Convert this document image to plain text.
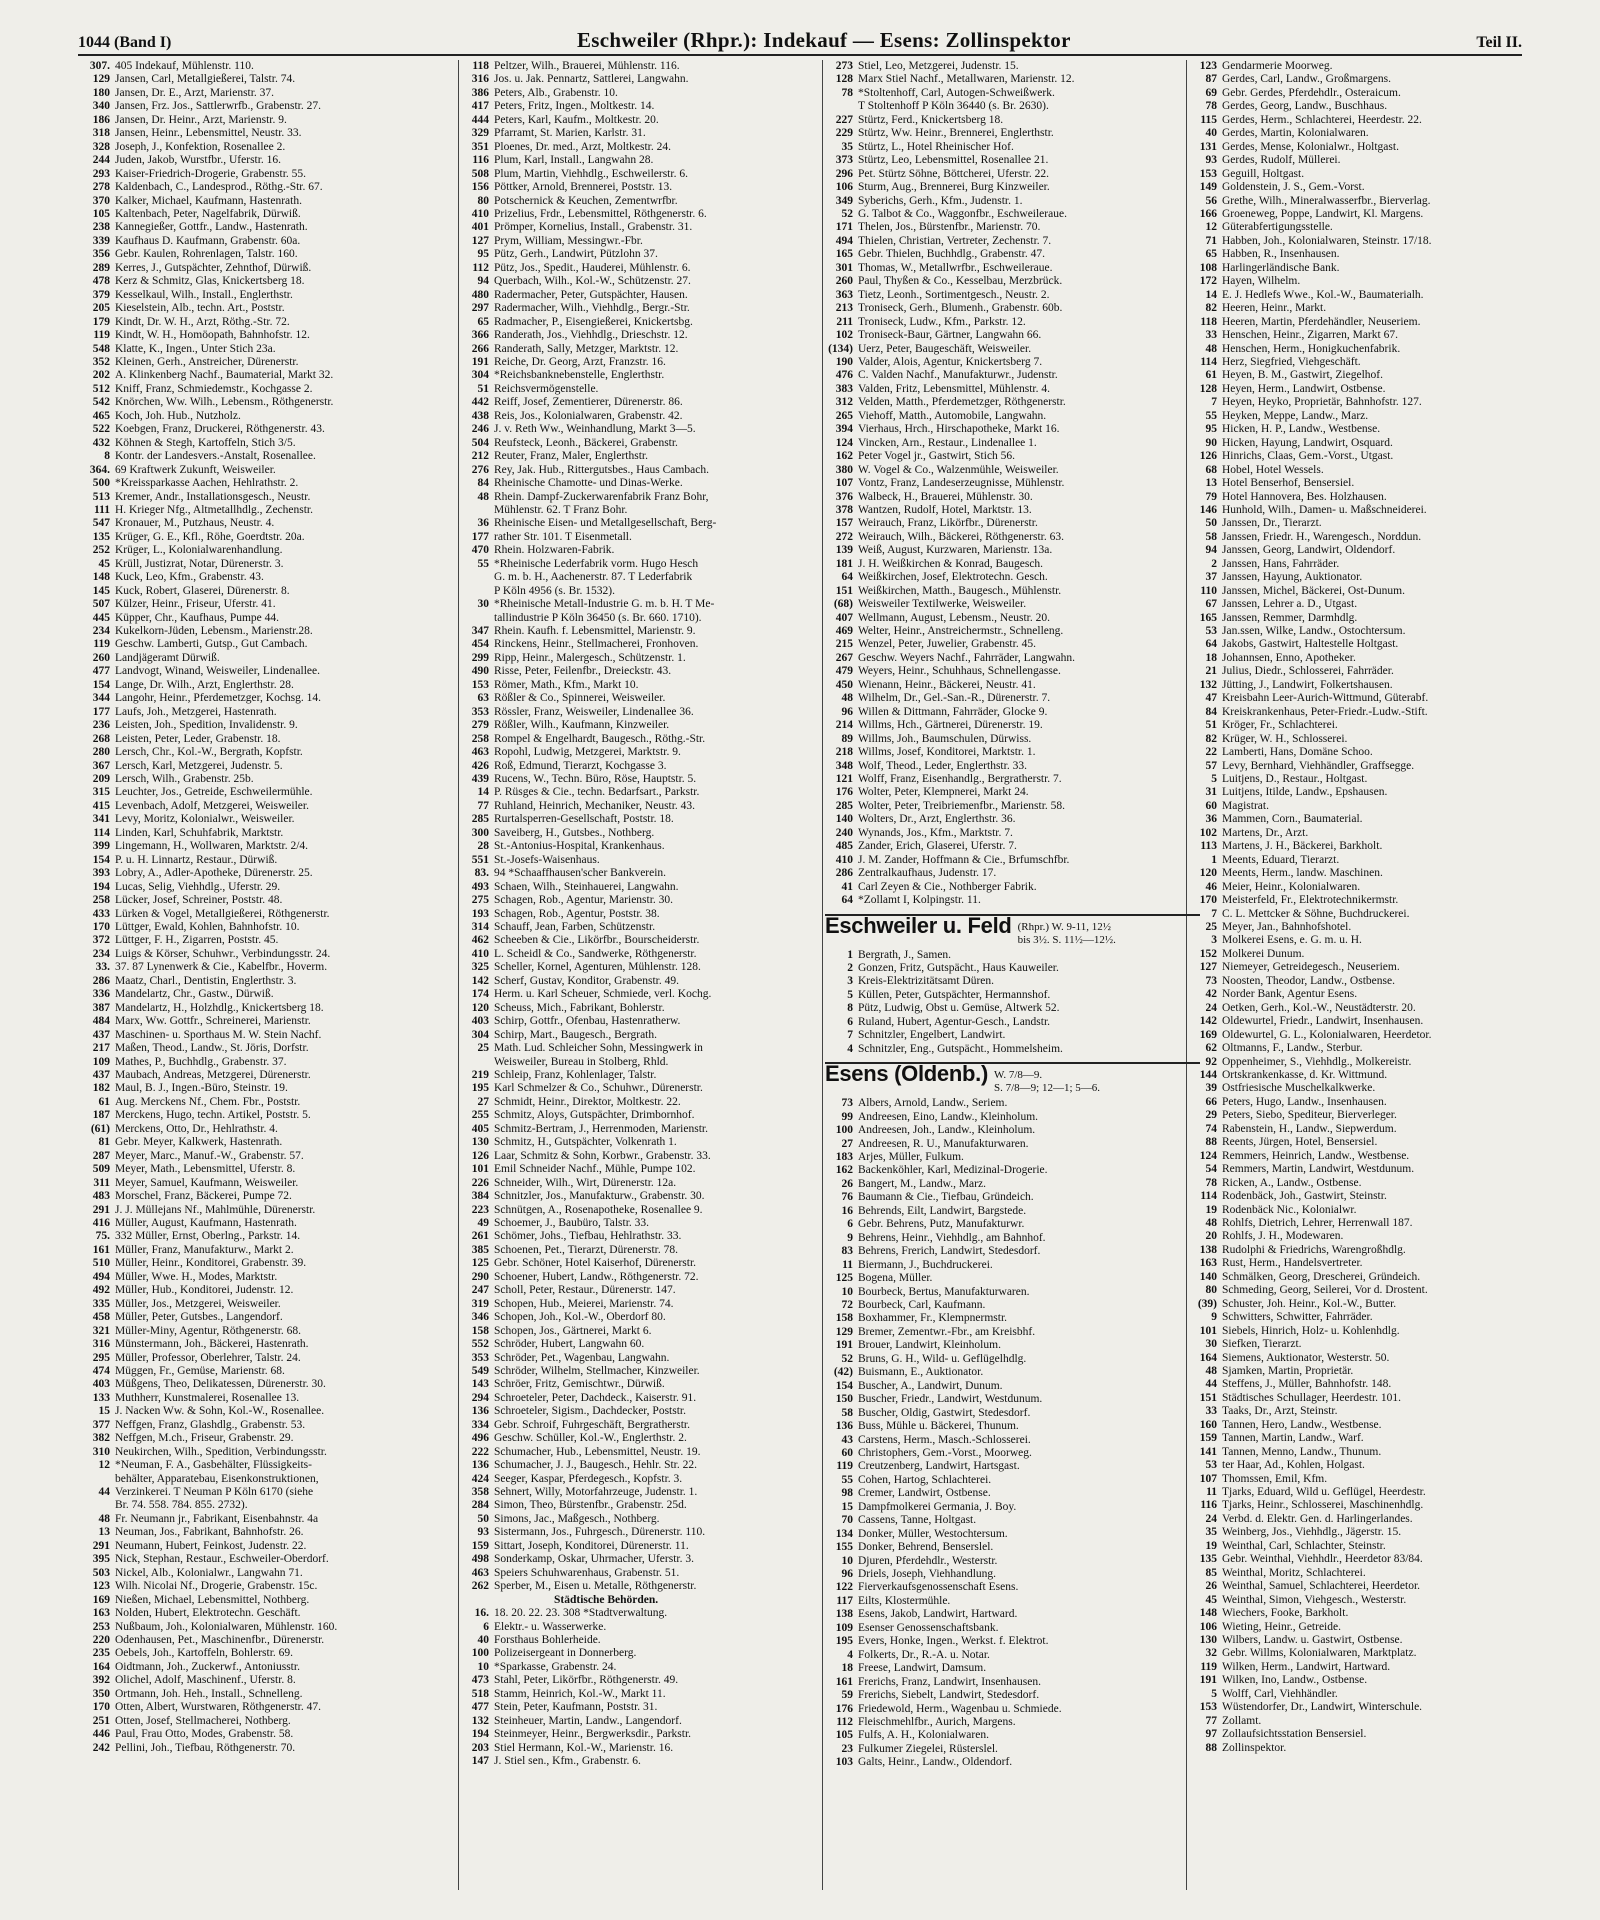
1044 (Band I)	Eschweiler (Rhpr.): Indekauf — Esens: Zollinspektor	Teil II.
307. 405 Indekauf, Mühlenstr. 110.
129 Jansen, Carl, Metallgießerei, Talstr. 74.
180 Jansen, Dr. E., Arzt, Marienstr. 37.
340 Jansen, Frz. Jos., Sattlerwrfb., Grabenstr. 27.
186 Jansen, Dr. Heinr., Arzt, Marienstr. 9.
318 Jansen, Heinr., Lebensmittel, Neustr. 33.
328 Joseph, J., Konfektion, Rosenallee 2.
244 Juden, Jakob, Wurstfbr., Uferstr. 16.
293 Kaiser-Friedrich-Drogerie, Grabenstr. 55.
278 Kaldenbach, C., Landesprod., Röthg.-Str. 67.
370 Kalker, Michael, Kaufmann, Hastenrath.
105 Kaltenbach, Peter, Nagelfabrik, Dürwiß.
238 Kannegießer, Gottfr., Landw., Hastenrath.
339 Kaufhaus D. Kaufmann, Grabenstr. 60a.
356 Gebr. Kaulen, Rohrenlagen, Talstr. 160.
289 Kerres, J., Gutspächter, Zehnthof, Dürwiß.
478 Kerz & Schmitz, Glas, Knickertsberg 18.
379 Kesselkaul, Wilh., Install., Englerthstr.
205 Kieselstein, Alb., techn. Art., Poststr.
179 Kindt, Dr. W. H., Arzt, Röthg.-Str. 72.
119 Kindt, W. H., Homöopath, Bahnhofstr. 12.
548 Klatte, K., Ingen., Unter Stich 23a.
352 Kleinen, Gerh., Anstreicher, Dürenerstr.
202 A. Klinkenberg Nachf., Baumaterial, Markt 32.
512 Kniff, Franz, Schmiedemstr., Kochgasse 2.
542 Knörchen, Ww. Wilh., Lebensm., Röthgenerstr.
465 Koch, Joh. Hub., Nutzholz.
522 Koebgen, Franz, Druckerei, Röthgenerstr. 43.
432 Köhnen & Stegh, Kartoffeln, Stich 3/5.
8 Kontr. der Landesvers.-Anstalt, Rosenallee.
364. 69 Kraftwerk Zukunft, Weisweiler.
500 *Kreissparkasse Aachen, Hehlrathstr. 2.
513 Kremer, Andr., Installationsgesch., Neustr.
111 H. Krieger Nfg., Altmetallhdlg., Zechenstr.
547 Kronauer, M., Putzhaus, Neustr. 4.
135 Krüger, G. E., Kfl., Röhe, Goerdtstr. 20a.
252 Krüger, L., Kolonialwarenhandlung.
45 Krüll, Justizrat, Notar, Dürenerstr. 3.
148 Kuck, Leo, Kfm., Grabenstr. 43.
145 Kuck, Robert, Glaserei, Dürenerstr. 8.
507 Külzer, Heinr., Friseur, Uferstr. 41.
445 Küpper, Chr., Kaufhaus, Pumpe 44.
234 Kukelkorn-Jüden, Lebensm., Marienstr.28.
119 Geschw. Lamberti, Gutsp., Gut Cambach.
260 Landjägeramt Dürwiß.
477 Landvogt, Winand, Weisweiler, Lindenallee.
154 Lange, Dr. Wilh., Arzt, Englerthstr. 28.
344 Langohr, Heinr., Pferdemetzger, Kochsg. 14.
177 Laufs, Joh., Metzgerei, Hastenrath.
236 Leisten, Joh., Spedition, Invalidenstr. 9.
268 Leisten, Peter, Leder, Grabenstr. 18.
280 Lersch, Chr., Kol.-W., Bergrath, Kopfstr.
367 Lersch, Karl, Metzgerei, Judenstr. 5.
209 Lersch, Wilh., Grabenstr. 25b.
315 Leuchter, Jos., Getreide, Eschweilermühle.
415 Levenbach, Adolf, Metzgerei, Weisweiler.
341 Levy, Moritz, Kolonialwr., Weisweiler.
114 Linden, Karl, Schuhfabrik, Marktstr.
399 Lingemann, H., Wollwaren, Marktstr. 2/4.
154 P. u. H. Linnartz, Restaur., Dürwiß.
393 Lobry, A., Adler-Apotheke, Dürenerstr. 25.
194 Lucas, Selig, Viehhdlg., Uferstr. 29.
258 Lücker, Josef, Schreiner, Poststr. 48.
433 Lürken & Vogel, Metallgießerei, Röthgenerstr.
170 Lüttger, Ewald, Kohlen, Bahnhofstr. 10.
372 Lüttger, F. H., Zigarren, Poststr. 45.
234 Luigs & Körser, Schuhwr., Verbindungsstr. 24.
33. 37. 87 Lynenwerk & Cie., Kabelfbr., Hoverm.
286 Maatz, Charl., Dentistin, Englerthstr. 3.
336 Mandelartz, Chr., Gastw., Dürwiß.
387 Mandelartz, H., Holzhdlg., Knickertsberg 18.
484 Marx, Ww. Gottfr., Schreinerei, Marienstr.
437 Maschinen- u. Sporthaus M. W. Stein Nachf.
217 Maßen, Theod., Landw., St. Jöris, Dorfstr.
109 Mathes, P., Buchhdlg., Grabenstr. 37.
437 Maubach, Andreas, Metzgerei, Dürenerstr.
182 Maul, B. J., Ingen.-Büro, Steinstr. 19.
61 Aug. Merckens Nf., Chem. Fbr., Poststr.
187 Merckens, Hugo, techn. Artikel, Poststr. 5.
(61) Merckens, Otto, Dr., Hehlrathstr. 4.
81 Gebr. Meyer, Kalkwerk, Hastenrath.
287 Meyer, Marc., Manuf.-W., Grabenstr. 57.
509 Meyer, Math., Lebensmittel, Uferstr. 8.
311 Meyer, Samuel, Kaufmann, Weisweiler.
483 Morschel, Franz, Bäckerei, Pumpe 72.
291 J. J. Müllejans Nf., Mahlmühle, Dürenerstr.
416 Müller, August, Kaufmann, Hastenrath.
75. 332 Müller, Ernst, Oberlng., Parkstr. 14.
161 Müller, Franz, Manufakturw., Markt 2.
510 Müller, Heinr., Konditorei, Grabenstr. 39.
494 Müller, Wwe. H., Modes, Marktstr.
492 Müller, Hub., Konditorei, Judenstr. 12.
335 Müller, Jos., Metzgerei, Weisweiler.
458 Müller, Peter, Gutsbes., Langendorf.
321 Müller-Miny, Agentur, Röthgenerstr. 68.
316 Münstermann, Joh., Bäckerei, Hastenrath.
295 Müller, Professor, Oberlehrer, Talstr. 24.
474 Müggen, Fr., Gemüse, Marienstr. 68.
403 Müßgens, Theo, Delikatessen, Dürenerstr. 30.
133 Muthherr, Kunstmalerei, Rosenallee 13.
15 J. Nacken Ww. & Sohn, Kol.-W., Rosenallee.
377 Neffgen, Franz, Glashdlg., Grabenstr. 53.
382 Neffgen, M.ch., Friseur, Grabenstr. 29.
310 Neukirchen, Wilh., Spedition, Verbindungsstr.
12 *Neuman, F. A., Gasbehälter, Flüssigkeits-
behälter, Apparatebau, Eisenkonstruktionen,
44 Verzinkerei. T Neuman P Köln 6170 (siehe
Br. 74. 558. 784. 855. 2732).
48 Fr. Neumann jr., Fabrikant, Eisenbahnstr. 4a
13 Neuman, Jos., Fabrikant, Bahnhofstr. 26.
291 Neumann, Hubert, Feinkost, Judenstr. 22.
395 Nick, Stephan, Restaur., Eschweiler-Oberdorf.
503 Nickel, Alb., Kolonialwr., Langwahn 71.
123 Wilh. Nicolai Nf., Drogerie, Grabenstr. 15c.
169 Nießen, Michael, Lebensmittel, Nothberg.
163 Nolden, Hubert, Elektrotechn. Geschäft.
253 Nußbaum, Joh., Kolonialwaren, Mühlenstr. 160.
220 Odenhausen, Pet., Maschinenfbr., Dürenerstr.
235 Oebels, Joh., Kartoffeln, Bohlerstr. 69.
164 Oidtmann, Joh., Zuckerwf., Antoniusstr.
392 Olichel, Adolf, Maschinenf., Uferstr. 8.
350 Ortmann, Joh. Heh., Install., Schnelleng.
170 Otten, Albert, Wurstwaren, Röthgenerstr. 47.
251 Otten, Josef, Stellmacherei, Nothberg.
446 Paul, Frau Otto, Modes, Grabenstr. 58.
242 Pellini, Joh., Tiefbau, Röthgenerstr. 70.
118 Peltzer, Wilh., Brauerei, Mühlenstr. 116.
316 Jos. u. Jak. Pennartz, Sattlerei, Langwahn.
386 Peters, Alb., Grabenstr. 10.
417 Peters, Fritz, Ingen., Moltkestr. 14.
444 Peters, Karl, Kaufm., Moltkestr. 20.
329 Pfarramt, St. Marien, Karlstr. 31.
351 Ploenes, Dr. med., Arzt, Moltkestr. 24.
116 Plum, Karl, Install., Langwahn 28.
508 Plum, Martin, Viehhdlg., Eschweilerstr. 6.
156 Pöttker, Arnold, Brennerei, Poststr. 13.
80 Potschernick & Keuchen, Zementwrfbr.
410 Prizelius, Frdr., Lebensmittel, Röthgenerstr. 6.
401 Prömper, Kornelius, Install., Grabenstr. 31.
127 Prym, William, Messingwr.-Fbr.
95 Pütz, Gerh., Landwirt, Pützlohn 37.
112 Pütz, Jos., Spedit., Hauderei, Mühlenstr. 6.
94 Querbach, Wilh., Kol.-W., Schützenstr. 27.
480 Radermacher, Peter, Gutspächter, Hausen.
297 Radermacher, Wilh., Viehhdlg., Bergr.-Str.
65 Radmacher, P., Eisengießerei, Knickertsbg.
366 Randerath, Jos., Viehhdlg., Drieschstr. 12.
266 Randerath, Sally, Metzger, Marktstr. 12.
191 Reiche, Dr. Georg, Arzt, Franzstr. 16.
304 *Reichsbanknebenstelle, Englerthstr.
51 Reichsvermögenstelle.
442 Reiff, Josef, Zementierer, Dürenerstr. 86.
438 Reis, Jos., Kolonialwaren, Grabenstr. 42.
246 J. v. Reth Ww., Weinhandlung, Markt 3—5.
504 Reufsteck, Leonh., Bäckerei, Grabenstr.
212 Reuter, Franz, Maler, Englerthstr.
276 Rey, Jak. Hub., Rittergutsbes., Haus Cambach.
84 Rheinische Chamotte- und Dinas-Werke.
48 Rhein. Dampf-Zuckerwarenfabrik Franz Bohr,
Mühlenstr. 62. T Franz Bohr.
36 Rheinische Eisen- und Metallgesellschaft, Berg-
177 rather Str. 101. T Eisenmetall.
470 Rhein. Holzwaren-Fabrik.
55 *Rheinische Lederfabrik vorm. Hugo Hesch
G. m. b. H., Aachenerstr. 87. T Lederfabrik
P Köln 4956 (s. Br. 1532).
30 *Rheinische Metall-Industrie G. m. b. H. T Me-
tallindustrie P Köln 36450 (s. Br. 660. 1710).
347 Rhein. Kaufh. f. Lebensmittel, Marienstr. 9.
454 Rinckens, Heinr., Stellmacherei, Fronhoven.
299 Ripp, Heinr., Malergesch., Schützenstr. 1.
490 Risse, Peter, Feilenfbr., Dreieckstr. 43.
153 Römer, Math., Kfm., Markt 10.
63 Rößler & Co., Spinnerei, Weisweiler.
353 Rössler, Franz, Weisweiler, Lindenallee 36.
279 Rößler, Wilh., Kaufmann, Kinzweiler.
258 Rompel & Engelhardt, Baugesch., Röthg.-Str.
463 Ropohl, Ludwig, Metzgerei, Marktstr. 9.
426 Roß, Edmund, Tierarzt, Kochgasse 3.
439 Rucens, W., Techn. Büro, Röse, Hauptstr. 5.
14 P. Rüsges & Cie., techn. Bedarfsart., Parkstr.
77 Ruhland, Heinrich, Mechaniker, Neustr. 43.
285 Rurtalsperren-Gesellschaft, Poststr. 18.
300 Saveiberg, H., Gutsbes., Nothberg.
28 St.-Antonius-Hospital, Krankenhaus.
551 St.-Josefs-Waisenhaus.
83. 94 *Schaaffhausen'scher Bankverein.
493 Schaen, Wilh., Steinhauerei, Langwahn.
275 Schagen, Rob., Agentur, Marienstr. 30.
193 Schagen, Rob., Agentur, Poststr. 38.
314 Schauff, Jean, Farben, Schützenstr.
462 Scheeben & Cie., Likörfbr., Bourscheiderstr.
410 L. Scheidl & Co., Sandwerke, Röthgenerstr.
325 Scheller, Kornel, Agenturen, Mühlenstr. 128.
142 Scherf, Gustav, Konditor, Grabenstr. 49.
174 Herm. u. Karl Scheuer, Schmiede, verl. Kochg.
120 Scheuss, Mich., Fabrikant, Bohlerstr.
403 Schirp, Gottfr., Ofenbau, Hastenratherw.
304 Schirp, Mart., Baugesch., Bergrath.
25 Math. Lud. Schleicher Sohn, Messingwerk in
Weisweiler, Bureau in Stolberg, Rhld.
219 Schleip, Franz, Kohlenlager, Talstr.
195 Karl Schmelzer & Co., Schuhwr., Dürenerstr.
27 Schmidt, Heinr., Direktor, Moltkestr. 22.
255 Schmitz, Aloys, Gutspächter, Drimbornhof.
405 Schmitz-Bertram, J., Herrenmoden, Marienstr.
130 Schmitz, H., Gutspächter, Volkenrath 1.
126 Laar, Schmitz & Sohn, Korbwr., Grabenstr. 33.
101 Emil Schneider Nachf., Mühle, Pumpe 102.
226 Schneider, Wilh., Wirt, Dürenerstr. 12a.
384 Schnitzler, Jos., Manufakturw., Grabenstr. 30.
223 Schnütgen, A., Rosenapotheke, Rosenallee 9.
49 Schoemer, J., Baubüro, Talstr. 33.
261 Schömer, Johs., Tiefbau, Hehlrathstr. 33.
385 Schoenen, Pet., Tierarzt, Dürenerstr. 78.
125 Gebr. Schöner, Hotel Kaiserhof, Dürenerstr.
290 Schoener, Hubert, Landw., Röthgenerstr. 72.
247 Scholl, Peter, Restaur., Dürenerstr. 147.
319 Schopen, Hub., Meierei, Marienstr. 74.
346 Schopen, Joh., Kol.-W., Oberdorf 80.
158 Schopen, Jos., Gärtnerei, Markt 6.
552 Schröder, Hubert, Langwahn 60.
353 Schröder, Pet., Wagenbau, Langwahn.
549 Schröder, Wilhelm, Stellmacher, Kinzweiler.
143 Schröer, Fritz, Gemischtwr., Dürwiß.
294 Schroeteler, Peter, Dachdeck., Kaiserstr. 91.
136 Schroeteler, Sigism., Dachdecker, Poststr.
334 Gebr. Schroif, Fuhrgeschäft, Bergratherstr.
496 Geschw. Schüller, Kol.-W., Englerthstr. 2.
222 Schumacher, Hub., Lebensmittel, Neustr. 19.
136 Schumacher, J. J., Baugesch., Hehlr. Str. 22.
424 Seeger, Kaspar, Pferdegesch., Kopfstr. 3.
358 Sehnert, Willy, Motorfahrzeuge, Judenstr. 1.
284 Simon, Theo, Bürstenfbr., Grabenstr. 25d.
50 Simons, Jac., Maßgesch., Nothberg.
93 Sistermann, Jos., Fuhrgesch., Dürenerstr. 110.
159 Sittart, Joseph, Konditorei, Dürenerstr. 11.
498 Sonderkamp, Oskar, Uhrmacher, Uferstr. 3.
463 Speiers Schuhwarenhaus, Grabenstr. 51.
262 Sperber, M., Eisen u. Metalle, Röthgenerstr.
Städtische Behörden.
16. 18. 20. 22. 23. 308 *Stadtverwaltung.
6 Elektr.- u. Wasserwerke.
40 Forsthaus Bohlerheide.
100 Polizeisergeant in Donnerberg.
10 *Sparkasse, Grabenstr. 24.
473 Stahl, Peter, Likörfbr., Röthgenerstr. 49.
518 Stamm, Heinrich, Kol.-W., Markt 11.
477 Stein, Peter, Kaufmann, Poststr. 31.
132 Steinheuer, Martin, Landw., Langendorf.
194 Steinmeyer, Heinr., Bergwerksdir., Parkstr.
203 Stiel Hermann, Kol.-W., Marienstr. 16.
147 J. Stiel sen., Kfm., Grabenstr. 6.
273 Stiel, Leo, Metzgerei, Judenstr. 15.
128 Marx Stiel Nachf., Metallwaren, Marienstr. 12.
78 *Stoltenhoff, Carl, Autogen-Schweißwerk.
T Stoltenhoff P Köln 36440 (s. Br. 2630).
227 Stürtz, Ferd., Knickertsberg 18.
229 Stürtz, Ww. Heinr., Brennerei, Englerthstr.
35 Stürtz, L., Hotel Rheinischer Hof.
373 Stürtz, Leo, Lebensmittel, Rosenallee 21.
296 Pet. Stürtz Söhne, Böttcherei, Uferstr. 22.
106 Sturm, Aug., Brennerei, Burg Kinzweiler.
349 Syberichs, Gerh., Kfm., Judenstr. 1.
52 G. Talbot & Co., Waggonfbr., Eschweileraue.
171 Thelen, Jos., Bürstenfbr., Marienstr. 70.
494 Thielen, Christian, Vertreter, Zechenstr. 7.
165 Gebr. Thielen, Buchhdlg., Grabenstr. 47.
301 Thomas, W., Metallwrfbr., Eschweileraue.
260 Paul, Thyßen & Co., Kesselbau, Merzbrück.
363 Tietz, Leonh., Sortimentgesch., Neustr. 2.
213 Troniseck, Gerh., Blumenh., Grabenstr. 60b.
211 Troniseck, Ludw., Kfm., Parkstr. 12.
102 Troniseck-Baur, Gärtner, Langwahn 66.
(134) Uerz, Peter, Baugeschäft, Weisweiler.
190 Valder, Alois, Agentur, Knickertsberg 7.
476 C. Valden Nachf., Manufakturwr., Judenstr.
383 Valden, Fritz, Lebensmittel, Mühlenstr. 4.
312 Velden, Matth., Pferdemetzger, Röthgenerstr.
265 Viehoff, Matth., Automobile, Langwahn.
394 Vierhaus, Hrch., Hirschapotheke, Markt 16.
124 Vincken, Arn., Restaur., Lindenallee 1.
162 Peter Vogel jr., Gastwirt, Stich 56.
380 W. Vogel & Co., Walzenmühle, Weisweiler.
107 Vontz, Franz, Landeserzeugnisse, Mühlenstr.
376 Walbeck, H., Brauerei, Mühlenstr. 30.
378 Wantzen, Rudolf, Hotel, Marktstr. 13.
157 Weirauch, Franz, Likörfbr., Dürenerstr.
272 Weirauch, Wilh., Bäckerei, Röthgenerstr. 63.
139 Weiß, August, Kurzwaren, Marienstr. 13a.
181 J. H. Weißkirchen & Konrad, Baugesch.
64 Weißkirchen, Josef, Elektrotechn. Gesch.
151 Weißkirchen, Matth., Baugesch., Mühlenstr.
(68) Weisweiler Textilwerke, Weisweiler.
407 Wellmann, August, Lebensm., Neustr. 20.
469 Welter, Heinr., Anstreichermstr., Schnelleng.
215 Wenzel, Peter, Juwelier, Grabenstr. 45.
267 Geschw. Weyers Nachf., Fahrräder, Langwahn.
479 Weyers, Heinr., Schuhhaus, Schnellengasse.
450 Wienann, Heinr., Bäckerei, Neustr. 41.
48 Wilhelm, Dr., Gel.-San.-R., Dürenerstr. 7.
96 Willen & Dittmann, Fahrräder, Glocke 9.
214 Willms, Hch., Gärtnerei, Dürenerstr. 19.
89 Willms, Joh., Baumschulen, Dürwiss.
218 Willms, Josef, Konditorei, Marktstr. 1.
348 Wolf, Theod., Leder, Englerthstr. 33.
121 Wolff, Franz, Eisenhandlg., Bergratherstr. 7.
176 Wolter, Peter, Klempnerei, Markt 24.
285 Wolter, Peter, Treibriemenfbr., Marienstr. 58.
140 Wolters, Dr., Arzt, Englerthstr. 36.
240 Wynands, Jos., Kfm., Marktstr. 7.
485 Zander, Erich, Glaserei, Uferstr. 7.
410 J. M. Zander, Hoffmann & Cie., Brfumschfbr.
286 Zentralkaufhaus, Judenstr. 17.
41 Carl Zeyen & Cie., Nothberger Fabrik.
64 *Zollamt I, Kolpingstr. 11.
Eschweiler u. Feld (Rhpr.) W. 9-11, 12½
bis 3½. S. 11½—12½.
1 Bergrath, J., Samen.
2 Gonzen, Fritz, Gutspächt., Haus Kauweiler.
3 Kreis-Elektrizitätsamt Düren.
5 Küllen, Peter, Gutspächter, Hermannshof.
8 Pütz, Ludwig, Obst u. Gemüse, Altwerk 52.
6 Ruland, Hubert, Agentur-Gesch., Landstr.
7 Schnitzler, Engelbert, Landwirt.
4 Schnitzler, Eng., Gutspächt., Hommelsheim.
Esens (Oldenb.) W. 7/8—9.
S. 7/8—9; 12—1; 5—6.
73 Albers, Arnold, Landw., Seriem.
99 Andreesen, Eino, Landw., Kleinholum.
100 Andreesen, Joh., Landw., Kleinholum.
27 Andreesen, R. U., Manufakturwaren.
183 Arjes, Müller, Fulkum.
162 Backenköhler, Karl, Medizinal-Drogerie.
26 Bangert, M., Landw., Marz.
76 Baumann & Cie., Tiefbau, Gründeich.
16 Behrends, Eilt, Landwirt, Bargstede.
6 Gebr. Behrens, Putz, Manufakturwr.
9 Behrens, Heinr., Viehhdlg., am Bahnhof.
83 Behrens, Frerich, Landwirt, Stedesdorf.
11 Biermann, J., Buchdruckerei.
125 Bogena, Müller.
10 Bourbeck, Bertus, Manufakturwaren.
72 Bourbeck, Carl, Kaufmann.
158 Boxhammer, Fr., Klempnermstr.
129 Bremer, Zementwr.-Fbr., am Kreisbhf.
191 Brouer, Landwirt, Kleinholum.
52 Bruns, G. H., Wild- u. Geflügelhdlg.
(42) Buismann, E., Auktionator.
154 Buscher, A., Landwirt, Dunum.
150 Buscher, Friedr., Landwirt, Westdunum.
58 Buscher, Oldig, Gastwirt, Stedesdorf.
136 Buss, Mühle u. Bäckerei, Thunum.
43 Carstens, Herm., Masch.-Schlosserei.
60 Christophers, Gem.-Vorst., Moorweg.
119 Creutzenberg, Landwirt, Hartsgast.
55 Cohen, Hartog, Schlachterei.
98 Cremer, Landwirt, Ostbense.
15 Dampfmolkerei Germania, J. Boy.
70 Cassens, Tanne, Holtgast.
134 Donker, Müller, Westochtersum.
155 Donker, Behrend, Benserslel.
10 Djuren, Pferdehdlr., Westerstr.
96 Driels, Joseph, Viehhandlung.
122 Fierverkaufsgenossenschaft Esens.
117 Eilts, Klostermühle.
138 Esens, Jakob, Landwirt, Hartward.
109 Esenser Genossenschaftsbank.
195 Evers, Honke, Ingen., Werkst. f. Elektrot.
4 Folkerts, Dr., R.-A. u. Notar.
18 Freese, Landwirt, Damsum.
161 Frerichs, Franz, Landwirt, Insenhausen.
59 Frerichs, Siebelt, Landwirt, Stedesdorf.
176 Friedewold, Herm., Wagenbau u. Schmiede.
112 Fleischmehlfbr., Aurich, Margens.
105 Fulfs, A. H., Kolonialwaren.
23 Fulkumer Ziegelei, Rüsterslel.
103 Galts, Heinr., Landw., Oldendorf.
123 Gendarmerie Moorweg.
87 Gerdes, Carl, Landw., Großmargens.
69 Gebr. Gerdes, Pferdehdlr., Osteraicum.
78 Gerdes, Georg, Landw., Buschhaus.
115 Gerdes, Herm., Schlachterei, Heerdestr. 22.
40 Gerdes, Martin, Kolonialwaren.
131 Gerdes, Mense, Kolonialwr., Holtgast.
93 Gerdes, Rudolf, Müllerei.
153 Geguill, Holtgast.
149 Goldenstein, J. S., Gem.-Vorst.
56 Grethe, Wilh., Mineralwasserfbr., Bierverlag.
166 Groeneweg, Poppe, Landwirt, Kl. Margens.
12 Güterabfertigungsstelle.
71 Habben, Joh., Kolonialwaren, Steinstr. 17/18.
65 Habben, R., Insenhausen.
108 Harlingerländische Bank.
172 Hayen, Wilhelm.
14 E. J. Hedlefs Wwe., Kol.-W., Baumaterialh.
82 Heeren, Heinr., Markt.
118 Heeren, Martin, Pferdehändler, Neuseriem.
33 Henschen, Heinr., Zigarren, Markt 67.
48 Henschen, Herm., Honigkuchenfabrik.
114 Herz, Siegfried, Viehgeschäft.
61 Heyen, B. M., Gastwirt, Ziegelhof.
128 Heyen, Herm., Landwirt, Ostbense.
7 Heyen, Heyko, Proprietär, Bahnhofstr. 127.
55 Heyken, Meppe, Landw., Marz.
95 Hicken, H. P., Landw., Westbense.
90 Hicken, Hayung, Landwirt, Osquard.
126 Hinrichs, Claas, Gem.-Vorst., Utgast.
68 Hobel, Hotel Wessels.
13 Hotel Benserhof, Bensersiel.
79 Hotel Hannovera, Bes. Holzhausen.
146 Hunhold, Wilh., Damen- u. Maßschneiderei.
50 Janssen, Dr., Tierarzt.
58 Janssen, Friedr. H., Warengesch., Norddun.
94 Janssen, Georg, Landwirt, Oldendorf.
2 Janssen, Hans, Fahrräder.
37 Janssen, Hayung, Auktionator.
110 Janssen, Michel, Bäckerei, Ost-Dunum.
67 Janssen, Lehrer a. D., Utgast.
165 Janssen, Remmer, Darmhdlg.
53 Jan.ssen, Wilke, Landw., Ostochtersum.
64 Jakobs, Gastwirt, Haltestelle Holtgast.
18 Johannsen, Enno, Apotheker.
21 Julius, Diedr., Schlosserei, Fahrräder.
132 Jütting, J., Landwirt, Folkertshausen.
47 Kreisbahn Leer-Aurich-Wittmund, Güterabf.
84 Kreiskrankenhaus, Peter-Friedr.-Ludw.-Stift.
51 Kröger, Fr., Schlachterei.
82 Krüger, W. H., Schlosserei.
22 Lamberti, Hans, Domäne Schoo.
57 Levy, Bernhard, Viehhändler, Graffsegge.
5 Luitjens, D., Restaur., Holtgast.
31 Luitjens, Itilde, Landw., Epshausen.
60 Magistrat.
36 Mammen, Corn., Baumaterial.
102 Martens, Dr., Arzt.
113 Martens, J. H., Bäckerei, Barkholt.
1 Meents, Eduard, Tierarzt.
120 Meents, Herm., landw. Maschinen.
46 Meier, Heinr., Kolonialwaren.
170 Meisterfeld, Fr., Elektrotechnikermstr.
7 C. L. Mettcker & Söhne, Buchdruckerei.
25 Meyer, Jan., Bahnhofshotel.
3 Molkerei Esens, e. G. m. u. H.
152 Molkerei Dunum.
127 Niemeyer, Getreidegesch., Neuseriem.
73 Noosten, Theodor, Landw., Ostbense.
42 Norder Bank, Agentur Esens.
24 Oetken, Gerh., Kol.-W., Neustädterstr. 20.
142 Oldewurtel, Friedr., Landwirt, Insenhausen.
169 Oldewurtel, G. L., Kolonialwaren, Heerdetor.
62 Oltmanns, F., Landw., Sterbur.
92 Oppenheimer, S., Viehhdlg., Molkereistr.
144 Ortskrankenkasse, d. Kr. Wittmund.
39 Ostfriesische Muschelkalkwerke.
66 Peters, Hugo, Landw., Insenhausen.
29 Peters, Siebo, Spediteur, Bierverleger.
74 Rabenstein, H., Landw., Siepwerdum.
88 Reents, Jürgen, Hotel, Bensersiel.
124 Remmers, Heinrich, Landw., Westbense.
54 Remmers, Martin, Landwirt, Westdunum.
78 Ricken, A., Landw., Ostbense.
114 Rodenbäck, Joh., Gastwirt, Steinstr.
19 Rodenbäck Nic., Kolonialwr.
48 Rohlfs, Dietrich, Lehrer, Herrenwall 187.
20 Rohlfs, J. H., Modewaren.
138 Rudolphi & Friedrichs, Warengroßhdlg.
163 Rust, Herm., Handelsvertreter.
140 Schmälken, Georg, Drescherei, Gründeich.
80 Schmeding, Georg, Seilerei, Vor d. Drostent.
(39) Schuster, Joh. Heinr., Kol.-W., Butter.
9 Schwitters, Schwitter, Fahrräder.
101 Siebels, Hinrich, Holz- u. Kohlenhdlg.
30 Siefken, Tierarzt.
164 Siemens, Auktionator, Westerstr. 50.
48 Sjamken, Martin, Proprietär.
44 Steffens, J., Müller, Bahnhofstr. 148.
151 Städtisches Schullager, Heerdestr. 101.
33 Taaks, Dr., Arzt, Steinstr.
160 Tannen, Hero, Landw., Westbense.
159 Tannen, Martin, Landw., Warf.
141 Tannen, Menno, Landw., Thunum.
53 ter Haar, Ad., Kohlen, Holgast.
107 Thomssen, Emil, Kfm.
11 Tjarks, Eduard, Wild u. Geflügel, Heerdestr.
116 Tjarks, Heinr., Schlosserei, Maschinenhdlg.
24 Verbd. d. Elektr. Gen. d. Harlingerlandes.
35 Weinberg, Jos., Viehhdlg., Jägerstr. 15.
19 Weinthal, Carl, Schlachter, Steinstr.
135 Gebr. Weinthal, Viehhdlr., Heerdetor 83/84.
85 Weinthal, Moritz, Schlachterei.
26 Weinthal, Samuel, Schlachterei, Heerdetor.
45 Weinthal, Simon, Viehgesch., Westerstr.
148 Wiechers, Fooke, Barkholt.
106 Wieting, Heinr., Getreide.
130 Wilbers, Landw. u. Gastwirt, Ostbense.
32 Gebr. Willms, Kolonialwaren, Marktplatz.
119 Wilken, Herm., Landwirt, Hartward.
191 Wilken, Ino, Landw., Ostbense.
5 Wolff, Carl, Viehhändler.
153 Wüstendorfer, Dr., Landwirt, Winterschule.
77 Zollamt.
97 Zollaufsichtsstation Bensersiel.
88 Zollinspektor.
